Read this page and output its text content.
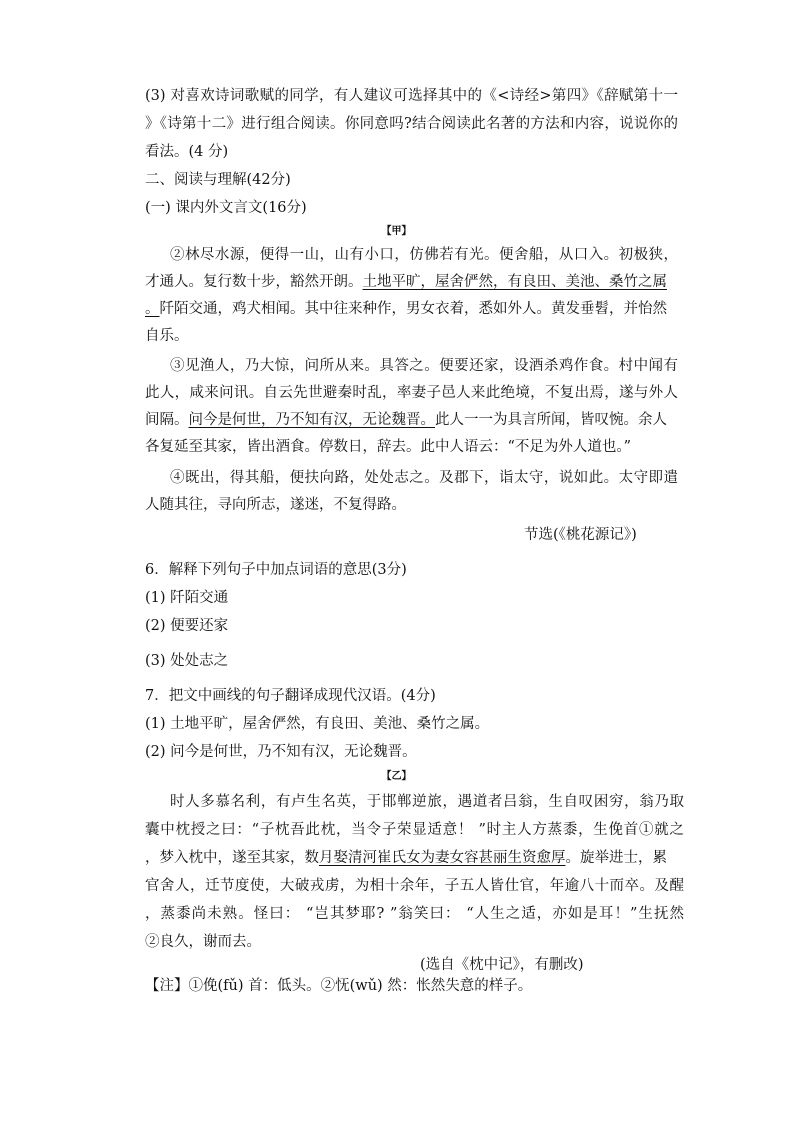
(3) 对喜欢诗词歌赋的同学，有人建议可选择其中的《<诗经>第四》《辞赋第十一
》《诗第十二》进行组合阅读。你同意吗?结合阅读此名著的方法和内容，说说你的
看法。(4 分)
二、阅读与理解(42分)
(一) 课内外文言文(16分)
【甲】
②林尽水源，便得一山，山有小口，仿佛若有光。便舍船，从口入。初极狭，
才通人。复行数十步，豁然开朗。土地平旷，屋舍俨然，有良田、美池、桑竹之属
。阡陌交通，鸡犬相闻。其中往来种作，男女衣着，悉如外人。黄发垂髫，并怡然
自乐。
③见渔人，乃大惊，问所从来。具答之。便要还家，设酒杀鸡作食。村中闻有
此人，咸来问讯。自云先世避秦时乱，率妻子邑人来此绝境，不复出焉，遂与外人
间隔。问今是何世，乃不知有汉，无论魏晋。此人一一为具言所闻，皆叹惋。余人
各复延至其家，皆出酒食。停数日，辞去。此中人语云：“不足为外人道也。”
④既出，得其船，便扶向路，处处志之。及郡下，诣太守，说如此。太守即遣
人随其往，寻向所志，遂迷，不复得路。
节选(《桃花源记》)
6．解释下列句子中加点词语的意思(3分)
(1) 阡陌交通
(2) 便要还家
(3) 处处志之
7．把文中画线的句子翻译成现代汉语。(4分)
(1) 土地平旷，屋舍俨然，有良田、美池、桑竹之属。
(2) 问今是何世，乃不知有汉，无论魏晋。
【乙】
时人多慕名利，有卢生名英，于邯郸逆旅，遇道者吕翁，生自叹困穷，翁乃取
囊中枕授之曰：“子枕吾此枕，当令子荣显适意！ ”时主人方蒸黍，生俛首①就之
，梦入枕中，遂至其家，数月娶清河崔氏女为妻女容甚丽生资愈厚。旋举进士，累
官舍人，迁节度使，大破戎虏，为相十余年，子五人皆仕官，年逾八十而卒。及醒
，蒸黍尚未熟。怪曰： “岂其梦耶? ”翁笑曰： “人生之适，亦如是耳！”生抚然
②良久，谢而去。
(选自《枕中记》，有删改)
【注】①俛(fǔ) 首：低头。②怃(wǔ) 然：怅然失意的样子。
